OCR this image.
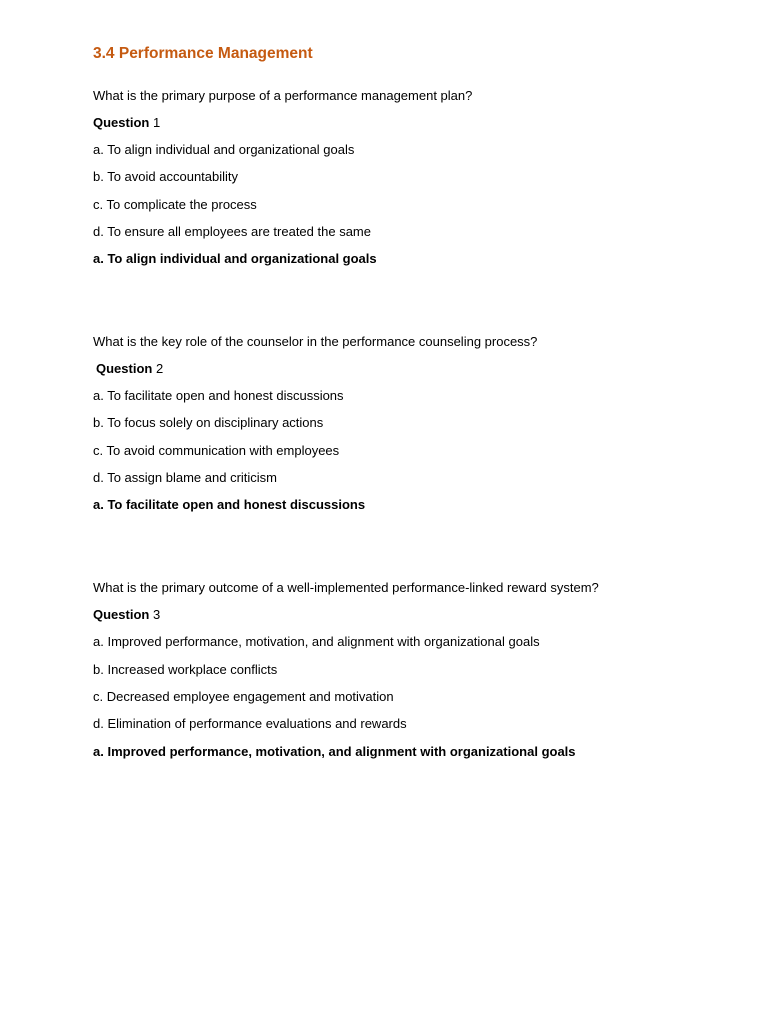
3.4 Performance Management
What is the primary purpose of a performance management plan?
Question 1
a. To align individual and organizational goals
b. To avoid accountability
c. To complicate the process
d. To ensure all employees are treated the same
a. To align individual and organizational goals
What is the key role of the counselor in the performance counseling process?
Question 2
a. To facilitate open and honest discussions
b. To focus solely on disciplinary actions
c. To avoid communication with employees
d. To assign blame and criticism
a. To facilitate open and honest discussions
What is the primary outcome of a well-implemented performance-linked reward system?
Question 3
a. Improved performance, motivation, and alignment with organizational goals
b. Increased workplace conflicts
c. Decreased employee engagement and motivation
d. Elimination of performance evaluations and rewards
a. Improved performance, motivation, and alignment with organizational goals
